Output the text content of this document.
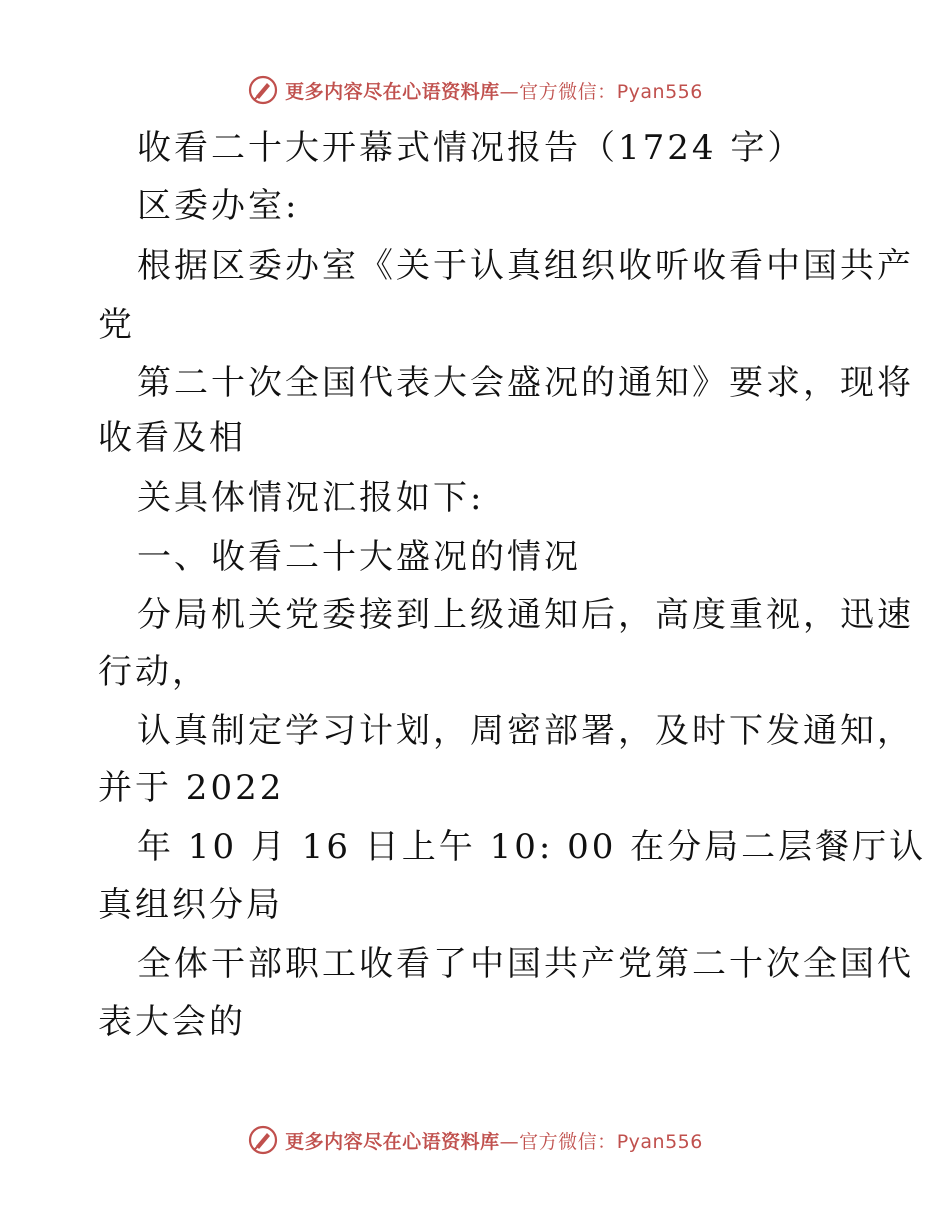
更多内容尽在心语资料库—官方微信：Pyan556
收看二十大开幕式情况报告（1724 字）
区委办室:
根据区委办室《关于认真组织收听收看中国共产
党
第二十次全国代表大会盛况的通知》要求，现将
收看及相
关具体情况汇报如下:
一、收看二十大盛况的情况
分局机关党委接到上级通知后，高度重视，迅速
行动，
认真制定学习计划，周密部署，及时下发通知，
并于 2022
年 10 月 16 日上午 10: 00 在分局二层餐厅认
真组织分局
全体干部职工收看了中国共产党第二十次全国代
表大会的
更多内容尽在心语资料库—官方微信：Pyan556
